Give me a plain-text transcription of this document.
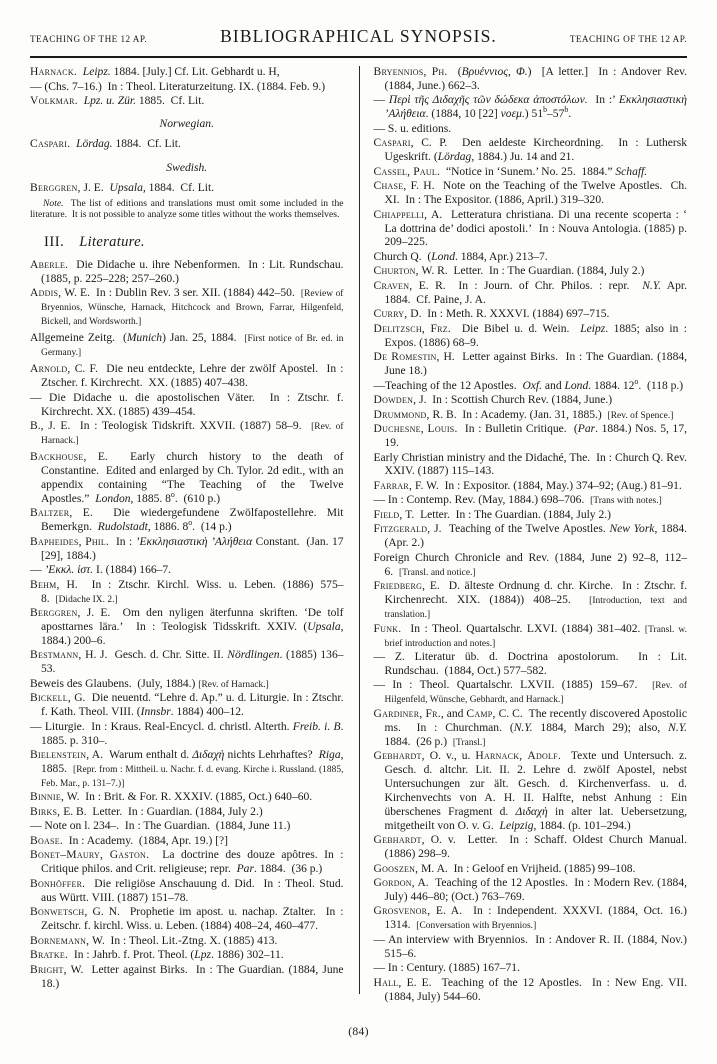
TEACHING OF THE 12 AP.	BIBLIOGRAPHICAL SYNOPSIS.	TEACHING OF THE 12 AP.

Harnack. Leipz. 1884. [July.] Cf. Lit. Gebhardt u. H,

— (Chs. 7–16.)  In : Theol. Literaturzeitung. IX. (1884. Feb. 9.)

Volkmar. Lpz. u. Zür. 1885.  Cf. Lit.

Norwegian.

Caspari. Lördag. 1884.  Cf. Lit.

Swedish.

Berggren, J. E.  Upsala, 1884.  Cf. Lit.

Note.  The list of editions and translations must omit some included in the literature.  It is not possible to analyze some titles without the works themselves.

III. Literature.

Aberle.  Die Didache u. ihre Nebenformen.  In : Lit. Rundschau. (1885, p. 225–228; 257–260.)

Addis, W. E.  In : Dublin Rev. 3 ser. XII. (1884) 442–50.  [Review of Bryennios, Wünsche, Harnack, Hitchcock and Brown, Farrar, Hilgenfeld, Bickell, and Wordsworth.]

Allgemeine Zeitg.  (Munich) Jan. 25, 1884.  [First notice of Br. ed. in Germany.]

Arnold, C. F.  Die neu entdeckte, Lehre der zwölf Apostel.  In : Ztscher. f. Kirchrecht.  XX. (1885) 407–438.

— Die Didache u. die apostolischen Väter.  In : Ztschr. f. Kirchrecht. XX. (1885) 439–454.

B., J. E.  In : Teologisk Tidskrift. XXVII. (1887) 58–9.  [Rev. of Harnack.]

Backhouse, E.  Early church history to the death of Constantine.  Edited and enlarged by Ch. Tylor. 2d edit., with an appendix containing “The Teaching of the Twelve Apostles.”  London, 1885. 8$^o$.  (610 p.)

Baltzer, E.  Die wiedergefundene Zwölfapostellehre. Mit Bemerkgn.  Rudolstadt, 1886. 8$^o$.  (14 p.)

Bapheides, Phil.  In : ’Εκκλησιαστικὴ ’Αλήθεια Constant.  (Jan. 17 [29], 1884.)

— ’Εκκλ. ἰστ. I. (1884) 166–7.

Behm, H.  In : Ztschr. Kirchl. Wiss. u. Leben. (1886) 575–8.  [Didache IX. 2.]

Berggren, J. E.  Om den nyligen äterfunna skriften. ‘De tolf aposttarnes lära.’  In : Teologisk Tidsskrift. XXIV. (Upsala, 1884.) 200–6.

Bestmann, H. J.  Gesch. d. Chr. Sitte. II. Nördlingen. (1885) 136–53.

Beweis des Glaubens.  (July, 1884.) [Rev. of Harnack.]

Bickell, G.  Die neuentd. “Lehre d. Ap.” u. d. Liturgie. In : Ztschr. f. Kath. Theol. VIII. (Innsbr. 1884) 400–12.

— Liturgie.  In : Kraus. Real-Encycl. d. christl. Alterth. Freib. i. B. 1885. p. 310–.

Bielenstein, A.  Warum enthalt d. Διδαχὴ nichts Lehrhaftes?  Riga, 1885.  [Repr. from : Mittheil. u. Nachr. f. d. evang. Kirche i. Russland. (1885, Feb. Mar., p. 131–7.)]

Binnie, W.  In : Brit. & For. R. XXXIV. (1885, Oct.) 640–60.

Birks, E. B.  Letter.  In : Guardian. (1884, July 2.)

— Note on l. 234–.  In : The Guardian.  (1884, June 11.)

Boase.  In : Academy.  (1884, Apr. 19.) [?]

Bonet–Maury, Gaston.  La doctrine des douze apôtres. In : Critique philos. and Crit. religieuse; repr.  Par. 1884.  (36 p.)

Bonhöffer.  Die religiöse Anschauung d. Did.  In : Theol. Stud. aus Württ. VIII. (1887) 151–78.

Bonwetsch, G. N.  Prophetie im apost. u. nachap. Ztalter.  In : Zeitschr. f. kirchl. Wiss. u. Leben. (1884) 408–24, 460–477.

Bornemann, W.  In : Theol. Lit.-Ztng. X. (1885) 413.

Bratke.  In : Jahrb. f. Prot. Theol. (Lpz. 1886) 302–11.

Bright, W.  Letter against Birks.  In : The Guardian. (1884, June 18.)

Bryennios, Ph.  (Βρυέννιος, Φ.)  [A letter.]  In : Andover Rev. (1884, June.) 662–3.

— Περὶ τῆς Διδαχῆς τῶν δώδεκα ἀποστόλων.  In :’ Εκκλησιαστικὴ ’Αλήθεια. (1884, 10 [22] νοεμ.) 51$^b$–57$^b$.

— S. u. editions.

Caspari, C. P.  Den aeldeste Kircheordning.  In : Luthersk Ugeskrift. (Lördag, 1884.) Ju. 14 and 21.

Cassel, Paul.  “Notice in ‘Sunem.’ No. 25.  1884.” Schaff.

Chase, F. H.  Note on the Teaching of the Twelve Apostles.  Ch. XI.  In : The Expositor. (1886, April.) 319–320.

Chiappelli, A.  Letteratura christiana. Di una recente scoperta : ‘ La dottrina de’ dodici apostoli.’  In : Nouva Antologia. (1885) p. 209–225.

Church Q.  (Lond. 1884, Apr.) 213–7.

Churton, W. R.  Letter.  In : The Guardian. (1884, July 2.)

Craven, E. R.  In : Journ. of Chr. Philos. : repr.  N.Y. Apr. 1884.  Cf. Paine, J. A.

Curry, D.  In : Meth. R. XXXVI. (1884) 697–715.

Delitzsch, Frz.  Die Bibel u. d. Wein.  Leipz. 1885; also in : Expos. (1886) 68–9.

De Romestin, H.  Letter against Birks.  In : The Guardian. (1884, June 18.)

—Teaching of the 12 Apostles.  Oxf. and Lond. 1884. 12$^o$.  (118 p.)

Dowden, J.  In : Scottish Church Rev. (1884, June.)

Drummond, R. B.  In : Academy. (Jan. 31, 1885.)  [Rev. of Spence.]

Duchesne, Louis.  In : Bulletin Critique.  (Par. 1884.) Nos. 5, 17, 19.

Early Christian ministry and the Didaché, The.  In : Church Q. Rev. XXIV. (1887) 115–143.

Farrar, F. W.  In : Expositor. (1884, May.) 374–92; (Aug.) 81–91.

— In : Contemp. Rev. (May, 1884.) 698–706.  [Trans with notes.]

Field, T.  Letter.  In : The Guardian. (1884, July 2.)

Fitzgerald, J.  Teaching of the Twelve Apostles. New York, 1884. (Apr. 2.)

Foreign Church Chronicle and Rev. (1884, June 2) 92–8, 112–6.  [Transl. and notice.]

Friedberg, E.  D. älteste Ordnung d. chr. Kirche.  In : Ztschr. f. Kirchenrecht. XIX. (1884)) 408–25.  [Introduction, text and translation.]

Funk.  In : Theol. Quartalschr. LXVI. (1884) 381–402. [Transl. w. brief introduction and notes.]

— Z. Literatur üb. d. Doctrina apostolorum.  In : Lit. Rundschau.  (1884, Oct.) 577–582.

— In : Theol. Quartalschr. LXVII. (1885) 159–67.  [Rev. of Hilgenfeld, Wünsche, Gebhardt, and Harnack.]

Gardiner, Fr., and Camp, C. C.  The recently discovered Apostolic ms.  In : Churchman. (N.Y. 1884, March 29); also, N.Y. 1884.  (26 p.)  [Transl.]

Gebhardt, O. v., u. Harnack, Adolf.  Texte und Untersuch. z. Gesch. d. altchr. Lit. II. 2. Lehre d. zwölf Apostel, nebst Untersuchungen zur ält. Gesch. d. Kirchenverfass. u. d. Kirchenvechts von A. H. II. Halfte, nebst Anhung : Ein überschenes Fragment d. Διδαχὴ in alter lat. Uebersetzung, mitgetheilt von O. v. G.  Leipzig, 1884. (p. 101–294.)

Gebhardt, O. v.  Letter.  In : Schaff. Oldest Church Manual. (1886) 298–9.

Gooszen, M. A.  In : Geloof en Vrijheid. (1885) 99–108.

Gordon, A.  Teaching of the 12 Apostles.  In : Modern Rev. (1884, July) 446–80; (Oct.) 763–769.

Grosvenor, E. A.  In : Independent. XXXVI. (1884, Oct. 16.) 1314.  [Conversation with Bryennios.]

— An interview with Bryennios.  In : Andover R. II. (1884, Nov.) 515–6.

— In : Century. (1885) 167–71.

Hall, E. E.  Teaching of the 12 Apostles.  In : New Eng. VII. (1884, July) 544–60.

(84)
